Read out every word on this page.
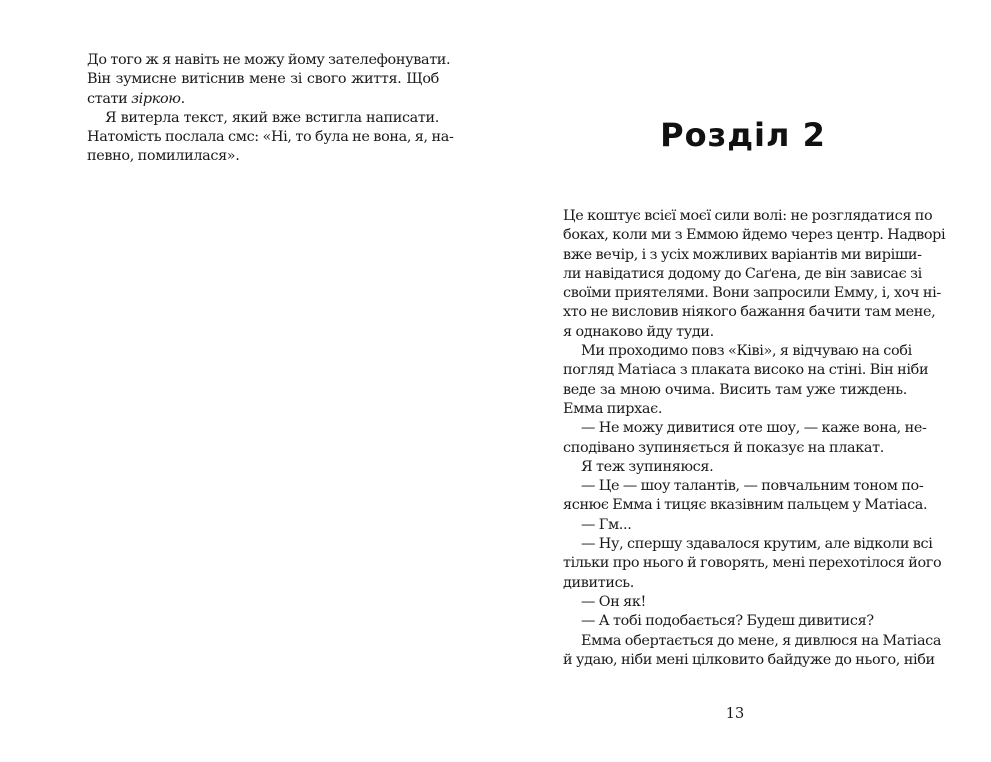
До того ж я навіть не можу йому зателефонувати.
Він зумисне витіснив мене зі свого життя. Щоб
стати зіркою.
Я витерла текст, який вже встигла написати.
Натомість послала смс: «Ні, то була не вона, я, на-
певно, помилилася».
Розділ 2
Це коштує всієї моєї сили волі: не розглядатися по
боках, коли ми з Еммою йдемо через центр. Надворі
вже вечір, і з усіх можливих варіантів ми виріши-
ли навідатися додому до Саґена, де він зависає зі
своїми приятелями. Вони запросили Емму, і, хоч ні-
хто не висловив ніякого бажання бачити там мене,
я однаково йду туди.
Ми проходимо повз «Ківі», я відчуваю на собі
погляд Матіаса з плаката високо на стіні. Він ніби
веде за мною очима. Висить там уже тиждень.
Емма пирхає.
— Не можу дивитися оте шоу, — каже вона, не-
сподівано зупиняється й показує на плакат.
Я теж зупиняюся.
— Це — шоу талантів, — повчальним тоном по-
яснює Емма і тицяє вказівним пальцем у Матіаса.
— Гм...
— Ну, спершу здавалося крутим, але відколи всі
тільки про нього й говорять, мені перехотілося його
дивитись.
— Он як!
— А тобі подобається? Будеш дивитися?
Емма обертається до мене, я дивлюся на Матіаса
й удаю, ніби мені цілковито байдуже до нього, ніби
13
